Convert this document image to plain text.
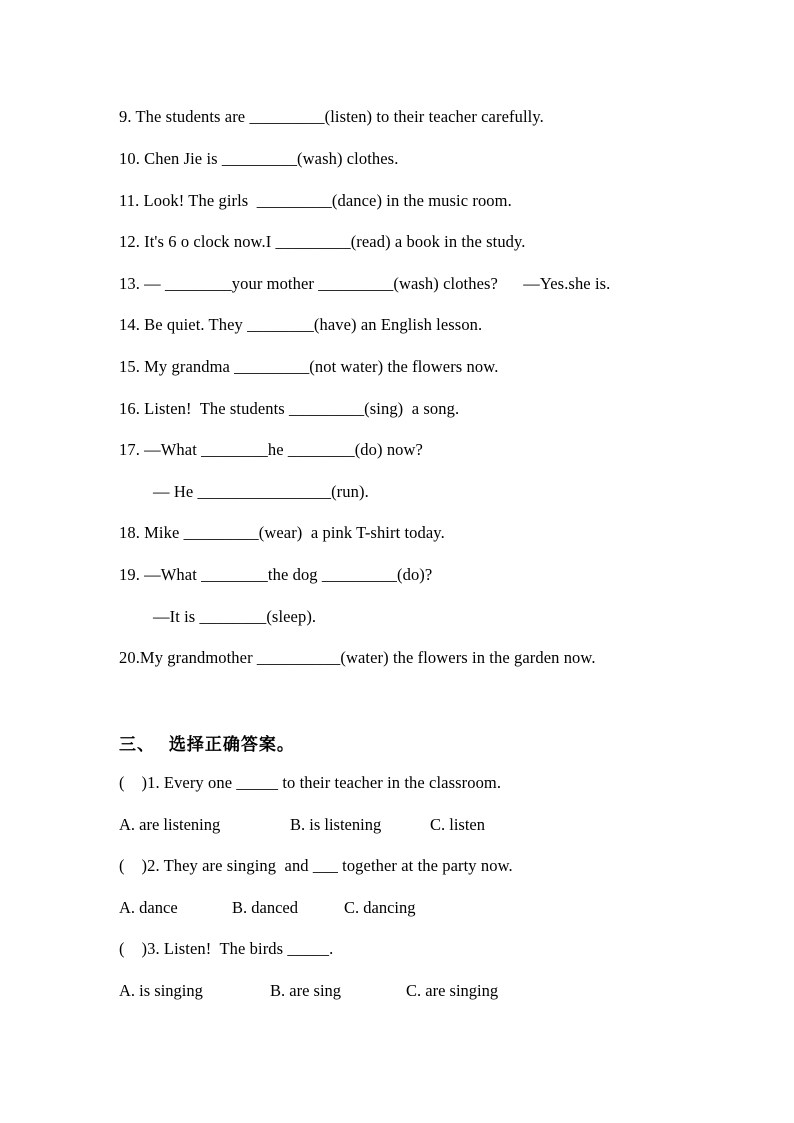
9. The students are _________(listen) to their teacher carefully.
10. Chen Jie is _________(wash) clothes.
11. Look! The girls  _________(dance) in the music room.
12. It's 6 o clock now.I _________(read) a book in the study.
13. — ________your mother _________(wash) clothes?      —Yes.she is.
14. Be quiet. They ________(have) an English lesson.
15. My grandma _________(not water) the flowers now.
16. Listen!  The students _________(sing)  a song.
17. —What ________he ________(do) now?
— He ________________(run).
18. Mike _________(wear)  a pink T-shirt today.
19. —What ________the dog _________(do)?
—It is ________(sleep).
20.My grandmother __________(water) the flowers in the garden now.
三、  选择正确答案。
(    )1. Every one _____ to their teacher in the classroom.
A. are listening	B. is listening	C. listen
(    )2. They are singing  and ___ together at the party now.
A. dance	B. danced	C. dancing
(    )3. Listen!  The birds _____.
A. is singing	B. are sing	C. are singing
